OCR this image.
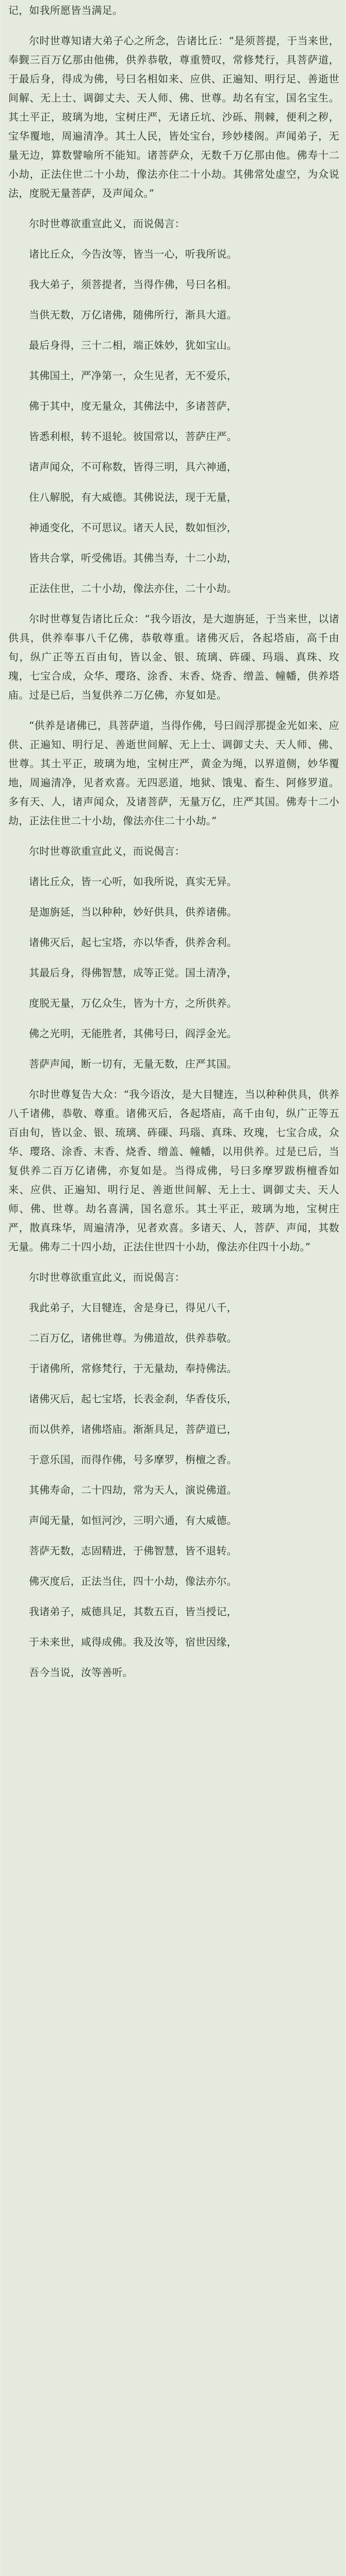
记，如我所愿皆当满足。

尔时世尊知诸大弟子心之所念，告诸比丘：“是须菩提，于当来世，奉觐三百万亿那由他佛，供养恭敬，尊重赞叹，常修梵行，具菩萨道，于最后身，得成为佛，号曰名相如来、应供、正遍知、明行足、善逝世间解、无上士、调御丈夫、天人师、佛、世尊。劫名有宝，国名宝生。其土平正，玻璃为地，宝树庄严，无诸丘坑、沙砾、荆棘，便利之秽，宝华覆地，周遍清净。其土人民，皆处宝台，珍妙楼阁。声闻弟子，无量无边，算数譬喻所不能知。诸菩萨众，无数千万亿那由他。佛寿十二小劫，正法住世二十小劫，像法亦住二十小劫。其佛常处虚空，为众说法，度脱无量菩萨，及声闻众。”

尔时世尊欲重宣此义，而说偈言：

诸比丘众，今告汝等，皆当一心，听我所说。

我大弟子，须菩提者，当得作佛，号曰名相。

当供无数，万亿诸佛，随佛所行，渐具大道。

最后身得，三十二相，端正姝妙，犹如宝山。

其佛国土，严净第一，众生见者，无不爱乐，

佛于其中，度无量众，其佛法中，多诸菩萨，

皆悉利根，转不退轮。彼国常以，菩萨庄严。

诸声闻众，不可称数，皆得三明，具六神通，

住八解脱，有大威德。其佛说法，现于无量，

神通变化，不可思议。诸天人民，数如恒沙，

皆共合掌，听受佛语。其佛当寿，十二小劫，

正法住世，二十小劫，像法亦住，二十小劫。

尔时世尊复告诸比丘众：“我今语汝，是大迦旃延，于当来世，以诸供具，供养奉事八千亿佛，恭敬尊重。诸佛灭后，各起塔庙，高千由旬，纵广正等五百由旬，皆以金、银、琉璃、砗磲、玛瑙、真珠、玫瑰，七宝合成，众华、璎珞、涂香、末香、烧香、缯盖、幢幡，供养塔庙。过是已后，当复供养二万亿佛，亦复如是。

“供养是诸佛已，具菩萨道，当得作佛，号曰阎浮那提金光如来、应供、正遍知、明行足、善逝世间解、无上士、调御丈夫、天人师、佛、世尊。其土平正，玻璃为地，宝树庄严，黄金为绳，以界道侧，妙华覆地，周遍清净，见者欢喜。无四恶道，地狱、饿鬼、畜生、阿修罗道。多有天、人，诸声闻众，及诸菩萨，无量万亿，庄严其国。佛寿十二小劫，正法住世二十小劫，像法亦住二十小劫。”

尔时世尊欲重宣此义，而说偈言：

诸比丘众，皆一心听，如我所说，真实无异。

是迦旃延，当以种种，妙好供具，供养诸佛。

诸佛灭后，起七宝塔，亦以华香，供养舍利。

其最后身，得佛智慧，成等正觉。国土清净，

度脱无量，万亿众生，皆为十方，之所供养。

佛之光明，无能胜者，其佛号曰，阎浮金光。

菩萨声闻，断一切有，无量无数，庄严其国。

尔时世尊复告大众：“我今语汝，是大目犍连，当以种种供具，供养八千诸佛，恭敬、尊重。诸佛灭后，各起塔庙，高千由旬，纵广正等五百由旬，皆以金、银、琉璃、砗磲、玛瑙、真珠、玫瑰，七宝合成，众华、璎珞、涂香、末香、烧香、缯盖、幢幡，以用供养。过是已后，当复供养二百万亿诸佛，亦复如是。当得成佛，号曰多摩罗跋栴檀香如来、应供、正遍知、明行足、善逝世间解、无上士、调御丈夫、天人师、佛、世尊。劫名喜满，国名意乐。其土平正，玻璃为地，宝树庄严，散真珠华，周遍清净，见者欢喜。多诸天、人，菩萨、声闻，其数无量。佛寿二十四小劫，正法住世四十小劫，像法亦住四十小劫。”

尔时世尊欲重宣此义，而说偈言：

我此弟子，大目犍连，舍是身已，得见八千，

二百万亿，诸佛世尊。为佛道故，供养恭敬。

于诸佛所，常修梵行，于无量劫，奉持佛法。

诸佛灭后，起七宝塔，长表金刹，华香伎乐，

而以供养，诸佛塔庙。渐渐具足，菩萨道已，

于意乐国，而得作佛，号多摩罗，栴檀之香。

其佛寿命，二十四劫，常为天人，演说佛道。

声闻无量，如恒河沙，三明六通，有大威德。

菩萨无数，志固精进，于佛智慧，皆不退转。

佛灭度后，正法当住，四十小劫，像法亦尔。

我诸弟子，威德具足，其数五百，皆当授记，

于未来世，咸得成佛。我及汝等，宿世因缘，

吾今当说，汝等善听。
